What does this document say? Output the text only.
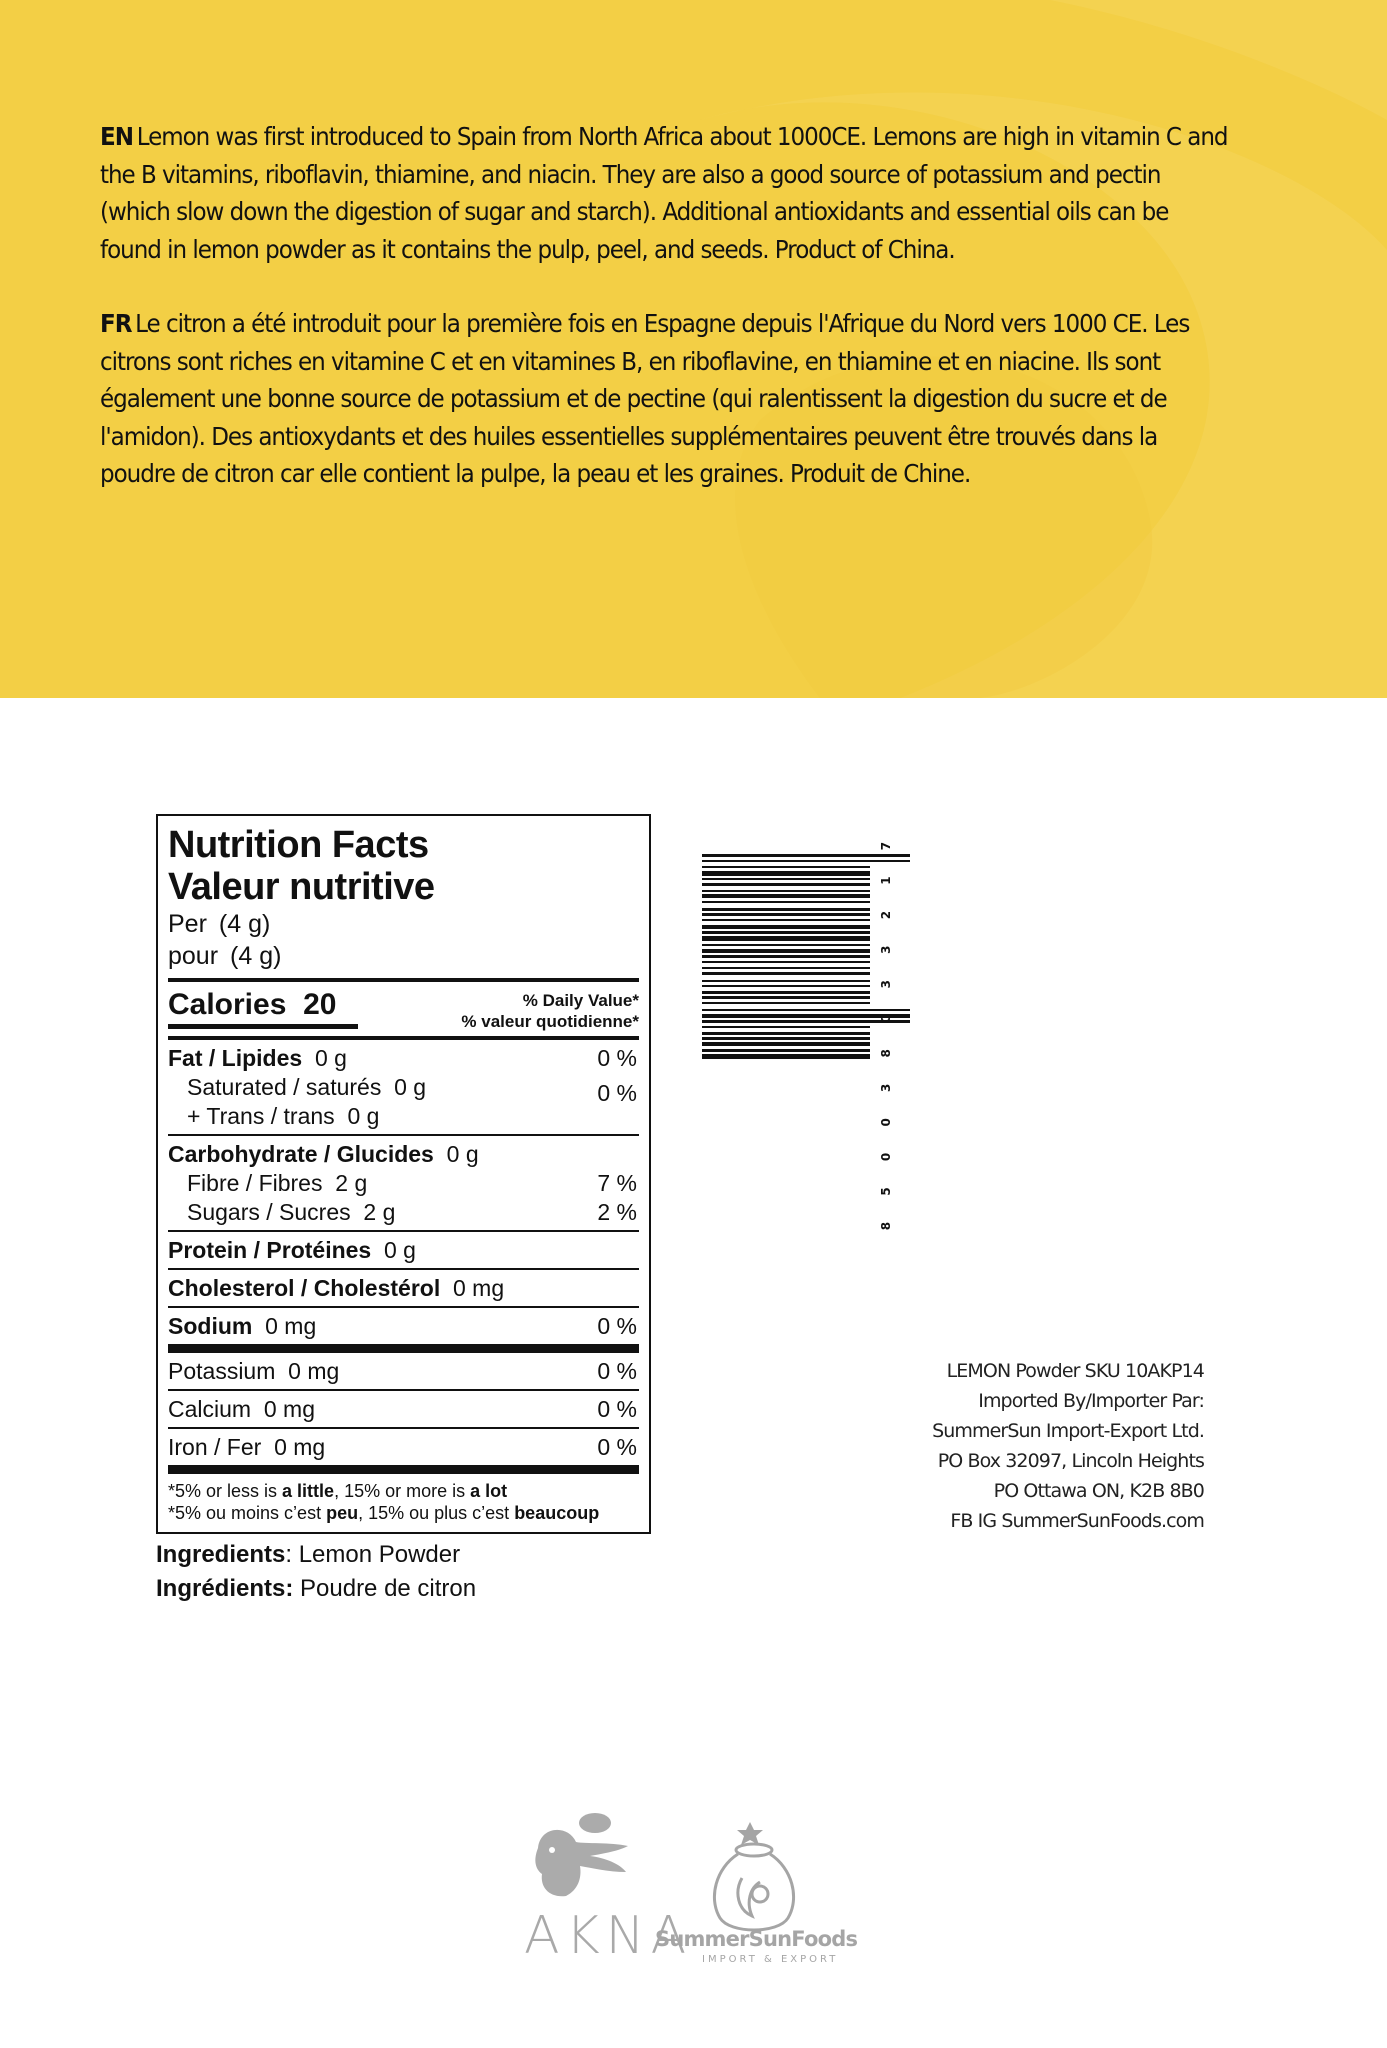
EN Lemon was first introduced to Spain from North Africa about 1000CE. Lemons are high in vitamin C and the B vitamins, riboflavin, thiamine, and niacin. They are also a good source of potassium and pectin (which slow down the digestion of sugar and starch). Additional antioxidants and essential oils can be found in lemon powder as it contains the pulp, peel, and seeds. Product of China.

FR Le citron a été introduit pour la première fois en Espagne depuis l'Afrique du Nord vers 1000 CE. Les citrons sont riches en vitamine C et en vitamines B, en riboflavine, en thiamine et en niacine. Ils sont également une bonne source de potassium et de pectine (qui ralentissent la digestion du sucre et de l'amidon). Des antioxydants et des huiles essentielles supplémentaires peuvent être trouvés dans la poudre de citron car elle contient la pulpe, la peau et les graines. Produit de Chine.

Nutrition Facts
Valeur nutritive
Per (4 g)
pour (4 g)
Calories 20	% Daily Value*
% valeur quotidienne*
Fat / Lipides 0 g	0 %
Saturated / saturés 0 g	0 %
+ Trans / trans 0 g
Carbohydrate / Glucides 0 g
Fibre / Fibres 2 g	7 %
Sugars / Sucres 2 g	2 %
Protein / Protéines 0 g
Cholesterol / Cholestérol 0 mg
Sodium 0 mg	0 %
Potassium 0 mg	0 %
Calcium 0 mg	0 %
Iron / Fer 0 mg	0 %
*5% or less is a little, 15% or more is a lot
*5% ou moins c’est peu, 15% ou plus c’est beaucoup
Ingredients: Lemon Powder
Ingrédients: Poudre de citron
8
5
0
0
3
8
0
3
3
2
1
7
LEMON Powder SKU 10AKP14
Imported By/Importer Par:
SummerSun Import-Export Ltd.
PO Box 32097, Lincoln Heights
PO Ottawa ON, K2B 8B0
FB IG SummerSunFoods.com
AKNA
SummerSunFoods
IMPORT & EXPORT
